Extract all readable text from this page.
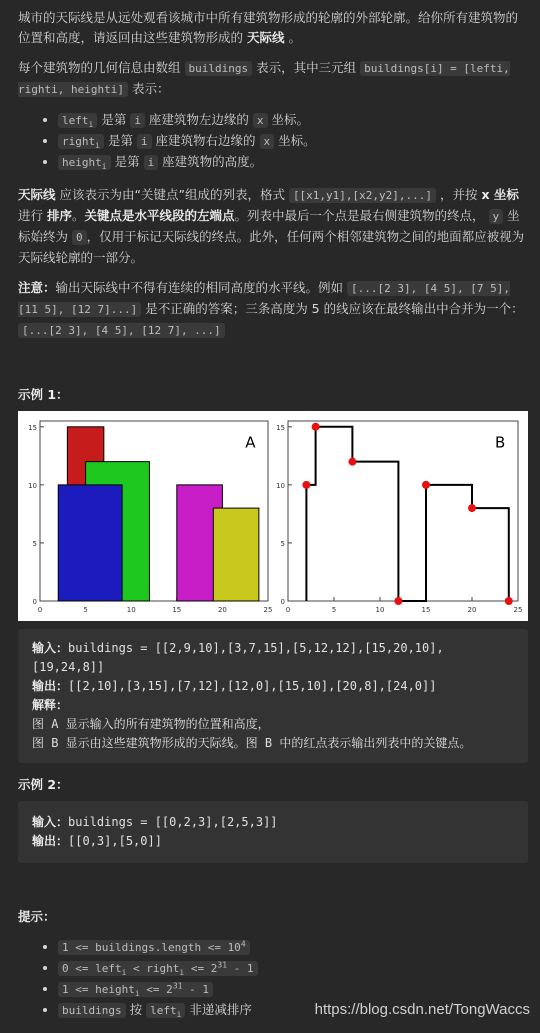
城市的天际线是从远处观看该城市中所有建筑物形成的轮廓的外部轮廓。给你所有建筑物的位置和高度，请返回由这些建筑物形成的 天际线 。

每个建筑物的几何信息由数组 buildings 表示，其中三元组 buildings[i] = [lefti, righti, heighti] 表示：

• left$_i$ 是第 i 座建筑物左边缘的 x 坐标。
• right$_i$ 是第 i 座建筑物右边缘的 x 坐标。
• height$_i$ 是第 i 座建筑物的高度。

天际线 应该表示为由“关键点”组成的列表，格式 [[x1,y1],[x2,y2],...] ，并按 x 坐标 进行 排序。关键点是水平线段的左端点。列表中最后一个点是最右侧建筑物的终点， y 坐标始终为 0 ，仅用于标记天际线的终点。此外，任何两个相邻建筑物之间的地面都应被视为天际线轮廓的一部分。

注意：输出天际线中不得有连续的相同高度的水平线。例如 [...[2 3], [4 5], [7 5], [11 5], [12 7]...] 是不正确的答案；三条高度为 5 的线应该在最终输出中合并为一个： [...[2 3], [4 5], [12 7], ...]

示例 1：

0	5	10	15	20	25
0
5
10
15
A
0	5	10	15	20	25
0
5
10
15
B
输入：buildings = [[2,9,10],[3,7,15],[5,12,12],[15,20,10],[19,24,8]]
输出：[[2,10],[3,15],[7,12],[12,0],[15,10],[20,8],[24,0]]
解释：
图 A 显示输入的所有建筑物的位置和高度，
图 B 显示由这些建筑物形成的天际线。图 B 中的红点表示输出列表中的关键点。

示例 2：

输入：buildings = [[0,2,3],[2,5,3]]
输出：[[0,3],[5,0]]

提示：

• 1 <= buildings.length <= $10^4$
• 0 <= left$_i$ < right$_i$ <= $2^{31} - 1$
• 1 <= height$_i$ <= $2^{31} - 1$
• buildings 按 left$_i$ 非递减排序	https://blog.csdn.net/TongWaccs
